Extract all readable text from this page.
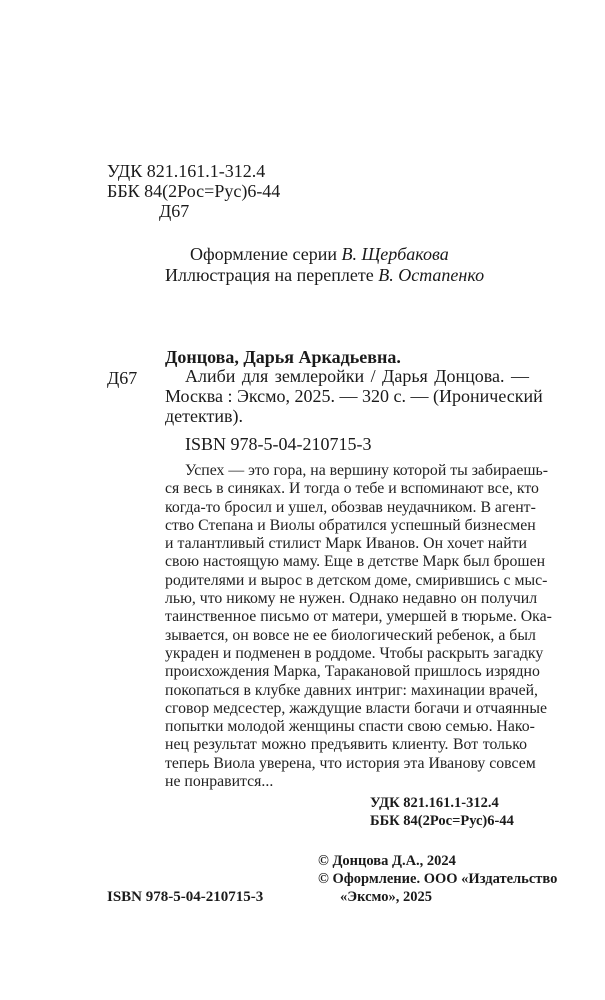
УДК 821.161.1-312.4
ББК 84(2Рос=Рус)6-44
Д67
Оформление серии В. Щербакова
Иллюстрация на переплете В. Остапенко
Донцова, Дарья Аркадьевна.
Д67	Алиби для землеройки / Дарья Донцова. —
Москва : Эксмо, 2025. — 320 с. — (Иронический
детектив).
ISBN 978-5-04-210715-3
Успех — это гора, на вершину которой ты забираешь-
ся весь в синяках. И тогда о тебе и вспоминают все, кто
когда-то бросил и ушел, обозвав неудачником. В агент-
ство Степана и Виолы обратился успешный бизнесмен
и талантливый стилист Марк Иванов. Он хочет найти
свою настоящую маму. Еще в детстве Марк был брошен
родителями и вырос в детском доме, смирившись с мыс-
лью, что никому не нужен. Однако недавно он получил
таинственное письмо от матери, умершей в тюрьме. Ока-
зывается, он вовсе не ее биологический ребенок, а был
украден и подменен в роддоме. Чтобы раскрыть загадку
происхождения Марка, Таракановой пришлось изрядно
покопаться в клубке давних интриг: махинации врачей,
сговор медсестер, жаждущие власти богачи и отчаянные
попытки молодой женщины спасти свою семью. Нако-
нец результат можно предъявить клиенту. Вот только
теперь Виола уверена, что история эта Иванову совсем
не понравится...
УДК 821.161.1-312.4
ББК 84(2Рос=Рус)6-44
© Донцова Д.А., 2024
© Оформление. ООО «Издательство
«Эксмо», 2025
ISBN 978-5-04-210715-3
